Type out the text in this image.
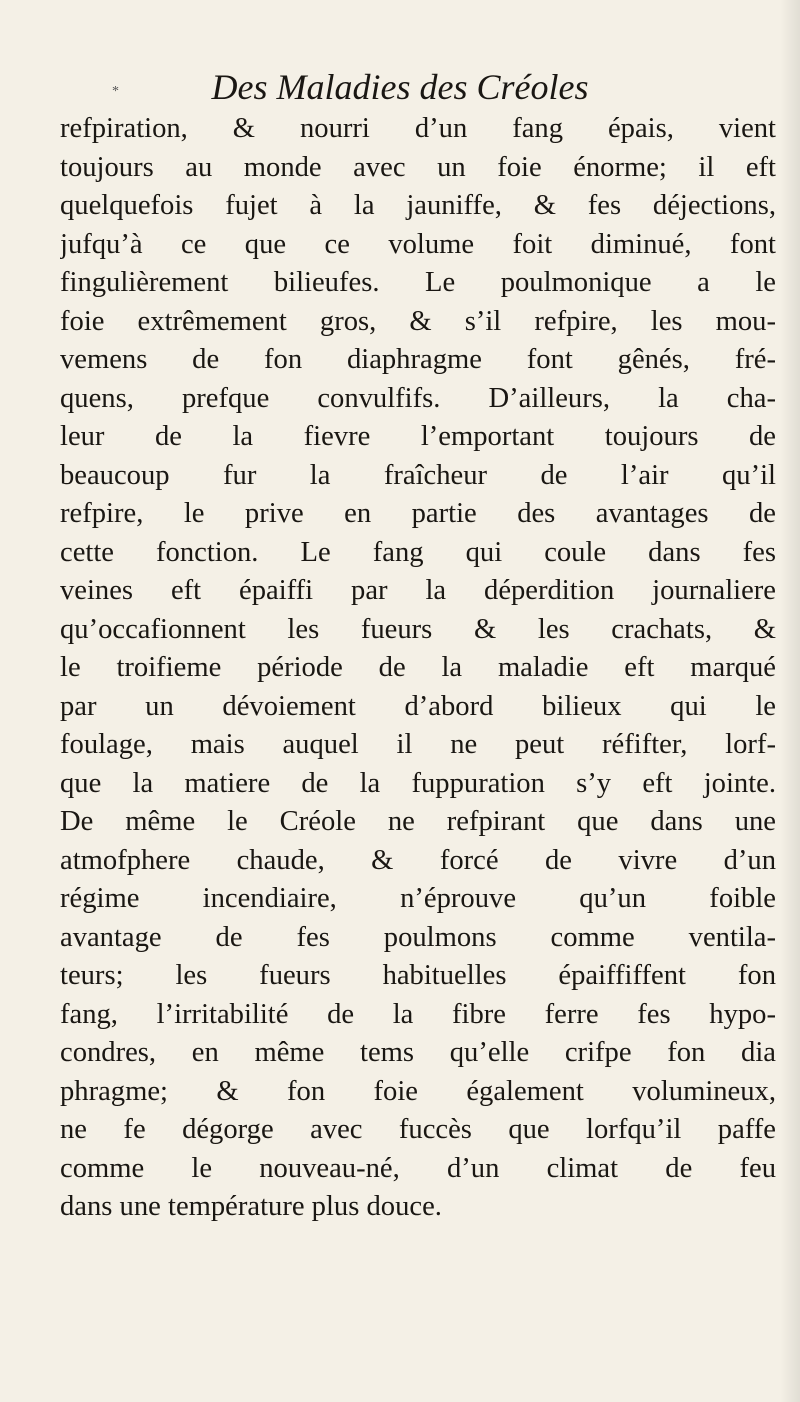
*	Des Maladies des Créoles
refpiration, & nourri d’un fang épais, vient
toujours au monde avec un foie énorme; il eft
quelquefois fujet à la jauniffe, & fes déjections,
jufqu’à ce que ce volume foit diminué, font
fingulièrement bilieufes. Le poulmonique a le
foie extrêmement gros, & s’il refpire, les mou-
vemens de fon diaphragme font gênés, fré-
quens, prefque convulfifs. D’ailleurs, la cha-
leur de la fievre l’emportant toujours de
beaucoup fur la fraîcheur de l’air qu’il
refpire, le prive en partie des avantages de
cette fonction. Le fang qui coule dans fes
veines eft épaiffi par la déperdition journaliere
qu’occafionnent les fueurs & les crachats, &
le troifieme période de la maladie eft marqué
par un dévoiement d’abord bilieux qui le
foulage, mais auquel il ne peut réfifter, lorf-
que la matiere de la fuppuration s’y eft jointe.
De même le Créole ne refpirant que dans une
atmofphere chaude, & forcé de vivre d’un
régime incendiaire, n’éprouve qu’un foible
avantage de fes poulmons comme ventila-
teurs; les fueurs habituelles épaiffiffent fon
fang, l’irritabilité de la fibre ferre fes hypo-
condres, en même tems qu’elle crifpe fon dia
phragme; & fon foie également volumineux,
ne fe dégorge avec fuccès que lorfqu’il paffe
comme le nouveau-né, d’un climat de feu
dans une température plus douce.
